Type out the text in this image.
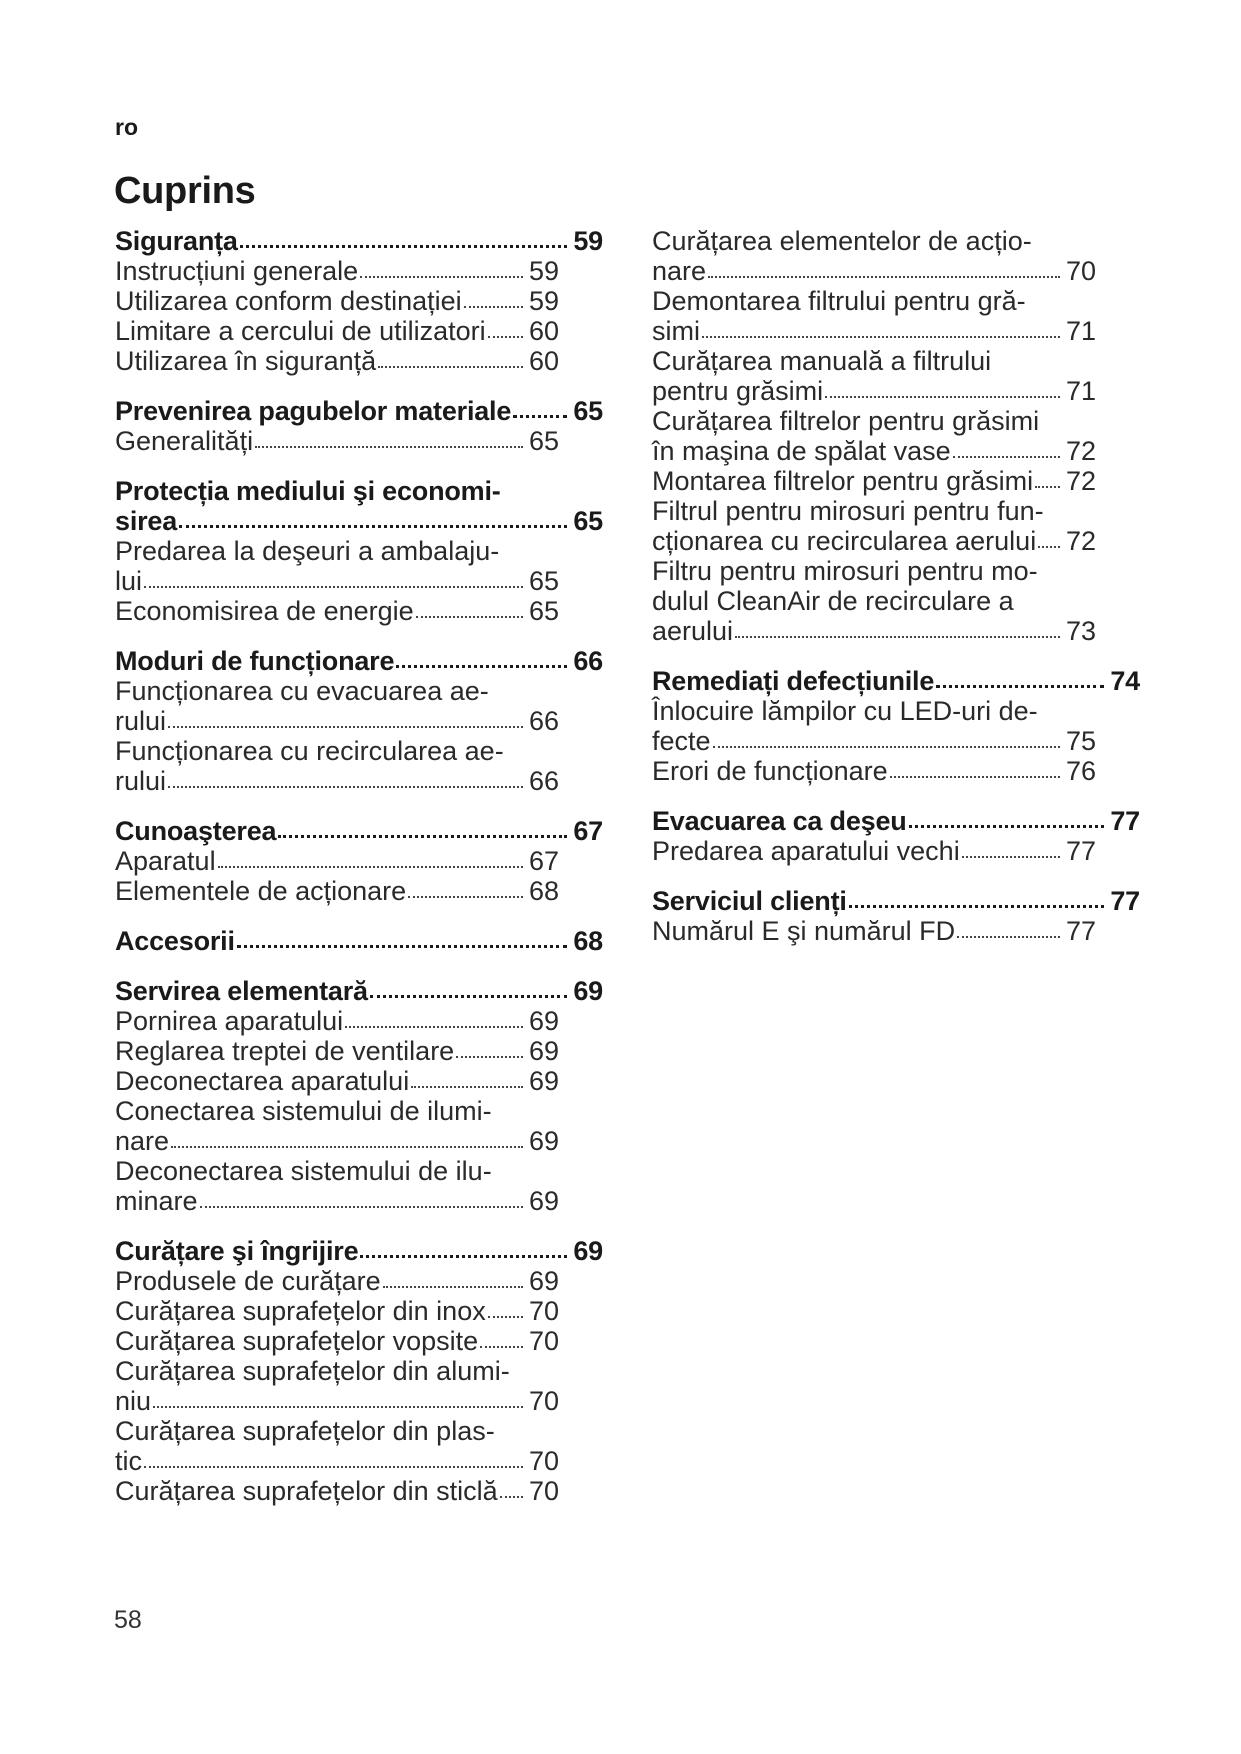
ro
Cuprins
Siguranța	59
Instrucțiuni generale	59
Utilizarea conform destinației 59
Limitare a cercului de utilizatori 60
Utilizarea în siguranță	60
Prevenirea pagubelor materiale 65
Generalități	65
Protecția mediului şi economi-
sirea	65
Predarea la deşeuri a ambalaju-
lui	65
Economisirea de energie	65
Moduri de funcționare	66
Funcționarea cu evacuarea ae-
rului	66
Funcționarea cu recircularea ae-
rului	66
Cunoaşterea	67
Aparatul	67
Elementele de acționare	68
Accesorii	68
Servirea elementară	69
Pornirea aparatului	69
Reglarea treptei de ventilare	69
Deconectarea aparatului	69
Conectarea sistemului de ilumi-
nare	69
Deconectarea sistemului de ilu-
minare	69
Curățare şi îngrijire	69
Produsele de curățare	69
Curățarea suprafețelor din inox 70
Curățarea suprafețelor vopsite 70
Curățarea suprafețelor din alumi-
niu	70
Curățarea suprafețelor din plas-
tic	70
Curățarea suprafețelor din sticlă 70
Curățarea elementelor de acțio-
nare	70
Demontarea filtrului pentru gră-
simi	71
Curățarea manuală a filtrului
pentru grăsimi	71
Curățarea filtrelor pentru grăsimi
în maşina de spălat vase	72
Montarea filtrelor pentru grăsimi 72
Filtrul pentru mirosuri pentru fun-
cționarea cu recircularea aerului 72
Filtru pentru mirosuri pentru mo-
dulul CleanAir de recirculare a
aerului	73
Remediați defecțiunile	74
Înlocuire lămpilor cu LED-uri de-
fecte	75
Erori de funcționare	76
Evacuarea ca deşeu	77
Predarea aparatului vechi	77
Serviciul clienți	77
Numărul E şi numărul FD	77
58
